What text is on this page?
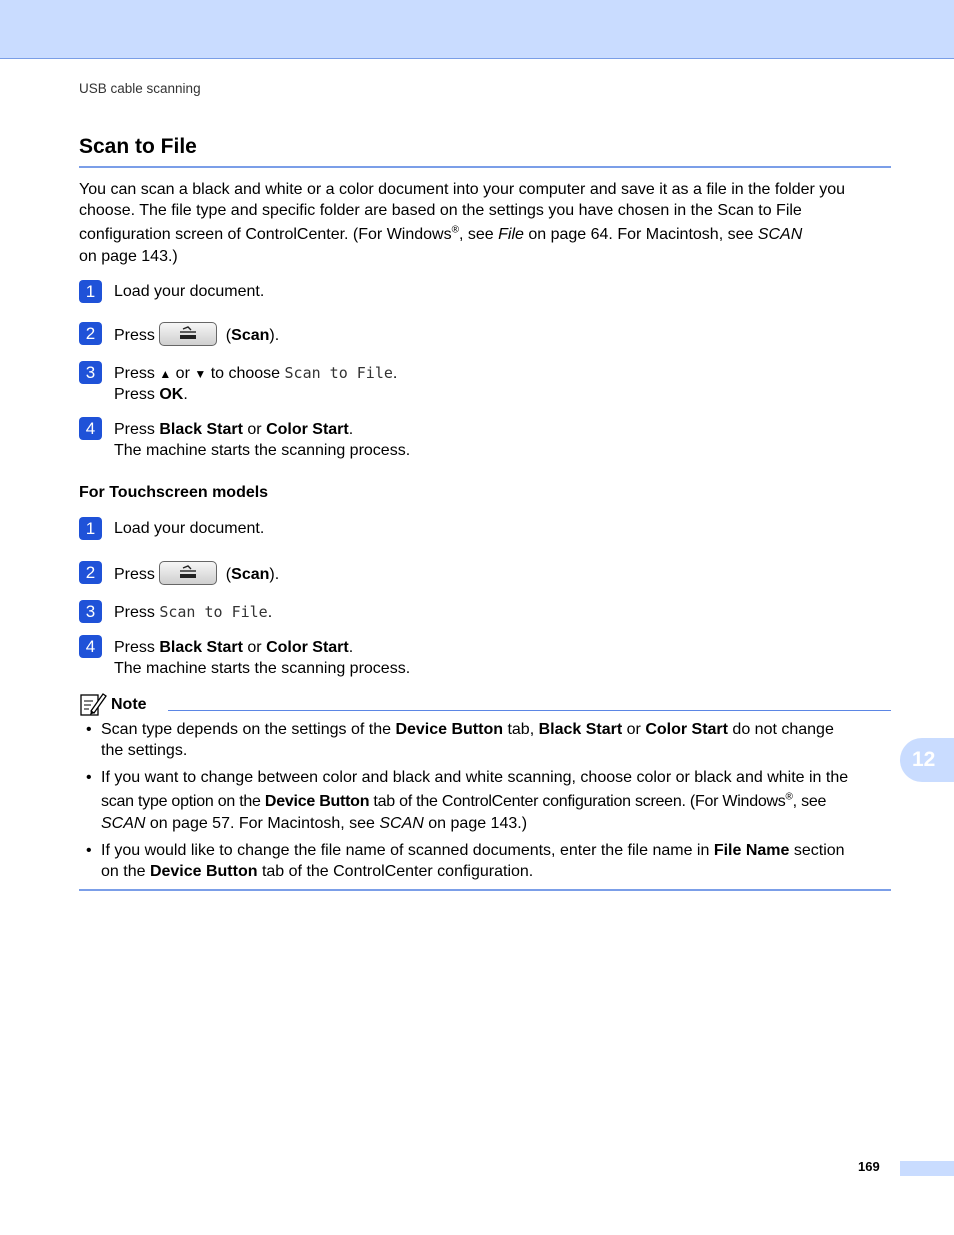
USB cable scanning
Scan to File
You can scan a black and white or a color document into your computer and save it as a file in the folder you
choose. The file type and specific folder are based on the settings you have chosen in the Scan to File
configuration screen of ControlCenter. (For Windows®, see File on page 64. For Macintosh, see SCAN
on page 143.)
1	Load your document.
2	Press	(Scan).
3	Press ▲ or ▼ to choose Scan to File.
Press OK.
4	Press Black Start or Color Start.
The machine starts the scanning process.
For Touchscreen models
1	Load your document.
2	Press	(Scan).
3	Press Scan to File.
4	Press Black Start or Color Start.
The machine starts the scanning process.
Note
• Scan type depends on the settings of the Device Button tab, Black Start or Color Start do not change
the settings.
• If you want to change between color and black and white scanning, choose color or black and white in the
scan type option on the Device Button tab of the ControlCenter configuration screen. (For Windows®, see
SCAN on page 57. For Macintosh, see SCAN on page 143.)
• If you would like to change the file name of scanned documents, enter the file name in File Name section
on the Device Button tab of the ControlCenter configuration.
12
169
